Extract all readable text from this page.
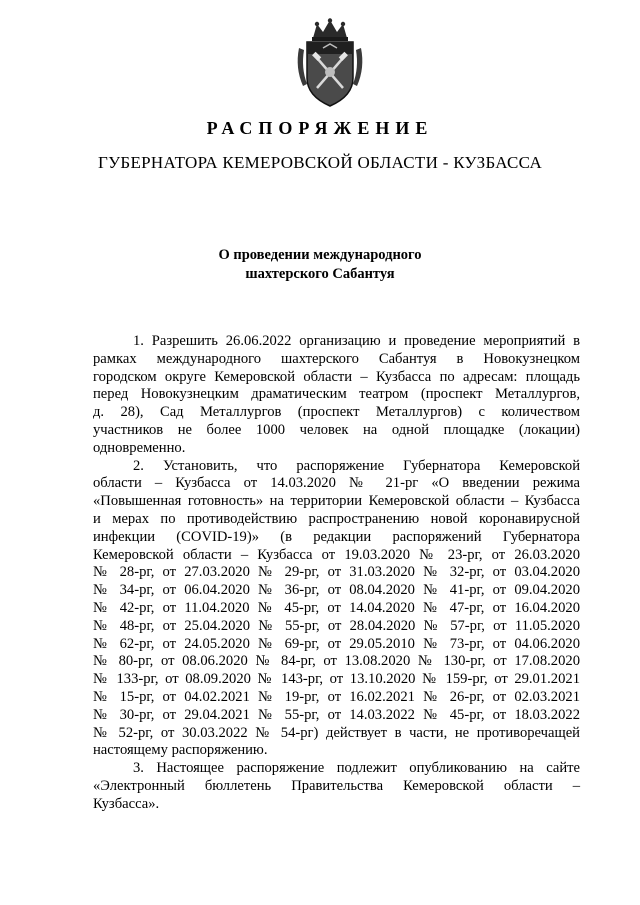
РАСПОРЯЖЕНИЕ
ГУБЕРНАТОРА КЕМЕРОВСКОЙ ОБЛАСТИ - КУЗБАССА
О проведении международного
шахтерского Сабантуя
1. Разрешить 26.06.2022 организацию и проведение мероприятий в
рамках международного шахтерского Сабантуя в Новокузнецком
городском округе Кемеровской области – Кузбасса по адресам: площадь
перед Новокузнецким драматическим театром (проспект Металлургов,
д. 28), Сад Металлургов (проспект Металлургов) с количеством
участников не более 1000 человек на одной площадке (локации)
одновременно.
2. Установить, что распоряжение Губернатора Кемеровской
области – Кузбасса от 14.03.2020 № 21-рг «О введении режима
«Повышенная готовность» на территории Кемеровской области – Кузбасса
и мерах по противодействию распространению новой коронавирусной
инфекции (COVID-19)» (в редакции распоряжений Губернатора
Кемеровской области – Кузбасса от 19.03.2020 № 23-рг, от 26.03.2020
№ 28-рг, от 27.03.2020 № 29-рг, от 31.03.2020 № 32-рг, от 03.04.2020
№ 34-рг, от 06.04.2020 № 36-рг, от 08.04.2020 № 41-рг, от 09.04.2020
№ 42-рг, от 11.04.2020 № 45-рг, от 14.04.2020 № 47-рг, от 16.04.2020
№ 48-рг, от 25.04.2020 № 55-рг, от 28.04.2020 № 57-рг, от 11.05.2020
№ 62-рг, от 24.05.2020 № 69-рг, от 29.05.2010 № 73-рг, от 04.06.2020
№ 80-рг, от 08.06.2020 № 84-рг, от 13.08.2020 № 130-рг, от 17.08.2020
№ 133-рг, от 08.09.2020 № 143-рг, от 13.10.2020 № 159-рг, от 29.01.2021
№ 15-рг, от 04.02.2021 № 19-рг, от 16.02.2021 № 26-рг, от 02.03.2021
№ 30-рг, от 29.04.2021 № 55-рг, от 14.03.2022 № 45-рг, от 18.03.2022
№ 52-рг, от 30.03.2022 № 54-рг) действует в части, не противоречащей
настоящему распоряжению.
3. Настоящее распоряжение подлежит опубликованию на сайте
«Электронный бюллетень Правительства Кемеровской области –
Кузбасса».
